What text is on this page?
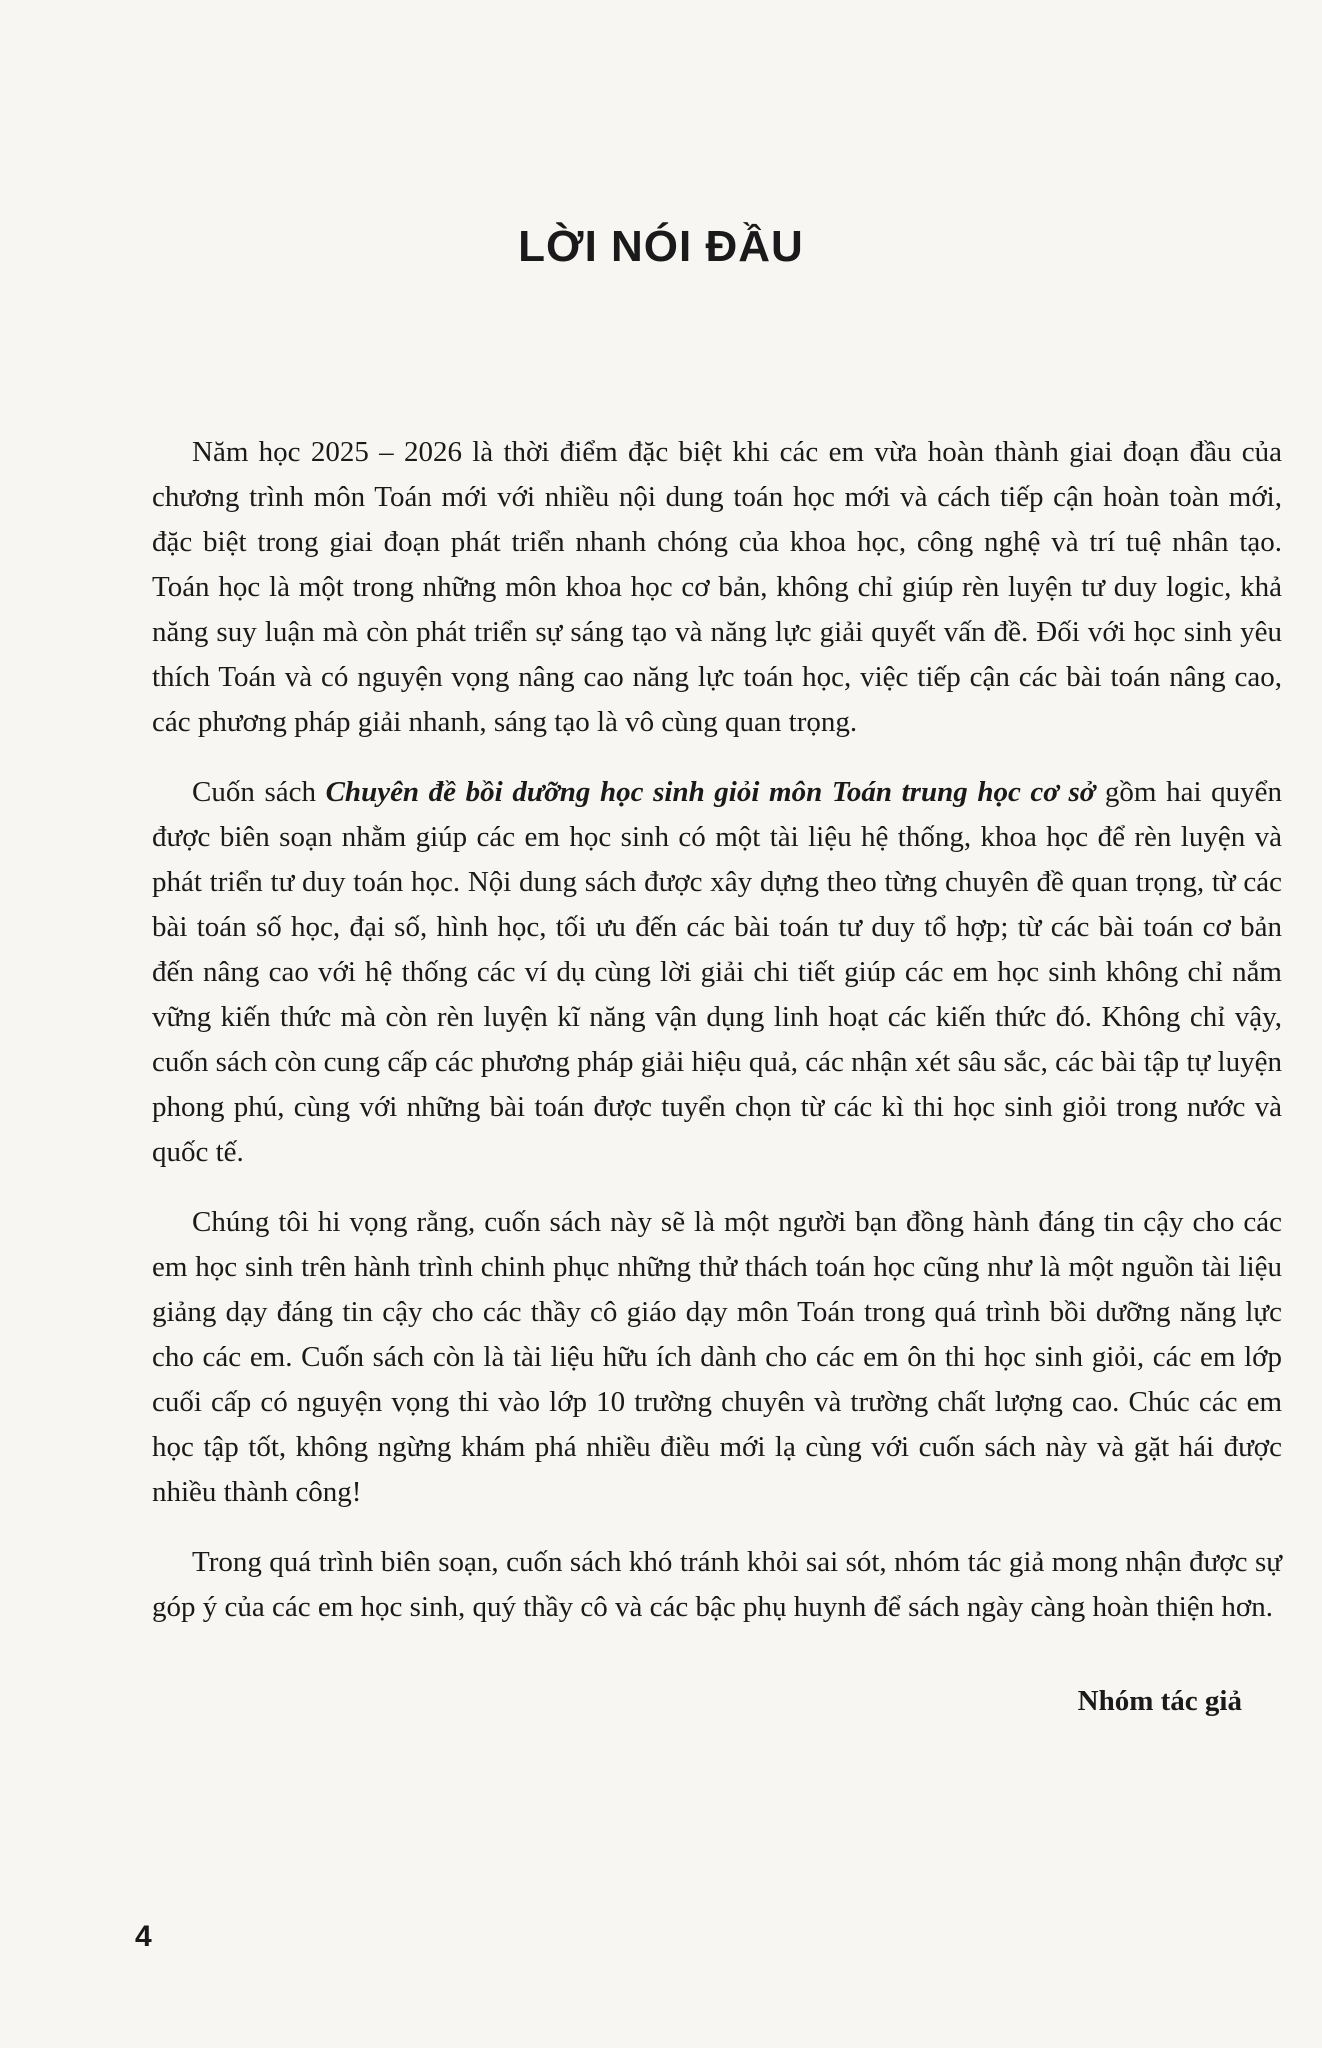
LỜI NÓI ĐẦU

Năm học 2025 – 2026 là thời điểm đặc biệt khi các em vừa hoàn thành giai đoạn đầu của chương trình môn Toán mới với nhiều nội dung toán học mới và cách tiếp cận hoàn toàn mới, đặc biệt trong giai đoạn phát triển nhanh chóng của khoa học, công nghệ và trí tuệ nhân tạo. Toán học là một trong những môn khoa học cơ bản, không chỉ giúp rèn luyện tư duy logic, khả năng suy luận mà còn phát triển sự sáng tạo và năng lực giải quyết vấn đề. Đối với học sinh yêu thích Toán và có nguyện vọng nâng cao năng lực toán học, việc tiếp cận các bài toán nâng cao, các phương pháp giải nhanh, sáng tạo là vô cùng quan trọng.

Cuốn sách Chuyên đề bồi dưỡng học sinh giỏi môn Toán trung học cơ sở gồm hai quyển được biên soạn nhằm giúp các em học sinh có một tài liệu hệ thống, khoa học để rèn luyện và phát triển tư duy toán học. Nội dung sách được xây dựng theo từng chuyên đề quan trọng, từ các bài toán số học, đại số, hình học, tối ưu đến các bài toán tư duy tổ hợp; từ các bài toán cơ bản đến nâng cao với hệ thống các ví dụ cùng lời giải chi tiết giúp các em học sinh không chỉ nắm vững kiến thức mà còn rèn luyện kĩ năng vận dụng linh hoạt các kiến thức đó. Không chỉ vậy, cuốn sách còn cung cấp các phương pháp giải hiệu quả, các nhận xét sâu sắc, các bài tập tự luyện phong phú, cùng với những bài toán được tuyển chọn từ các kì thi học sinh giỏi trong nước và quốc tế.

Chúng tôi hi vọng rằng, cuốn sách này sẽ là một người bạn đồng hành đáng tin cậy cho các em học sinh trên hành trình chinh phục những thử thách toán học cũng như là một nguồn tài liệu giảng dạy đáng tin cậy cho các thầy cô giáo dạy môn Toán trong quá trình bồi dưỡng năng lực cho các em. Cuốn sách còn là tài liệu hữu ích dành cho các em ôn thi học sinh giỏi, các em lớp cuối cấp có nguyện vọng thi vào lớp 10 trường chuyên và trường chất lượng cao. Chúc các em học tập tốt, không ngừng khám phá nhiều điều mới lạ cùng với cuốn sách này và gặt hái được nhiều thành công!

Trong quá trình biên soạn, cuốn sách khó tránh khỏi sai sót, nhóm tác giả mong nhận được sự góp ý của các em học sinh, quý thầy cô và các bậc phụ huynh để sách ngày càng hoàn thiện hơn.

Nhóm tác giả
4
